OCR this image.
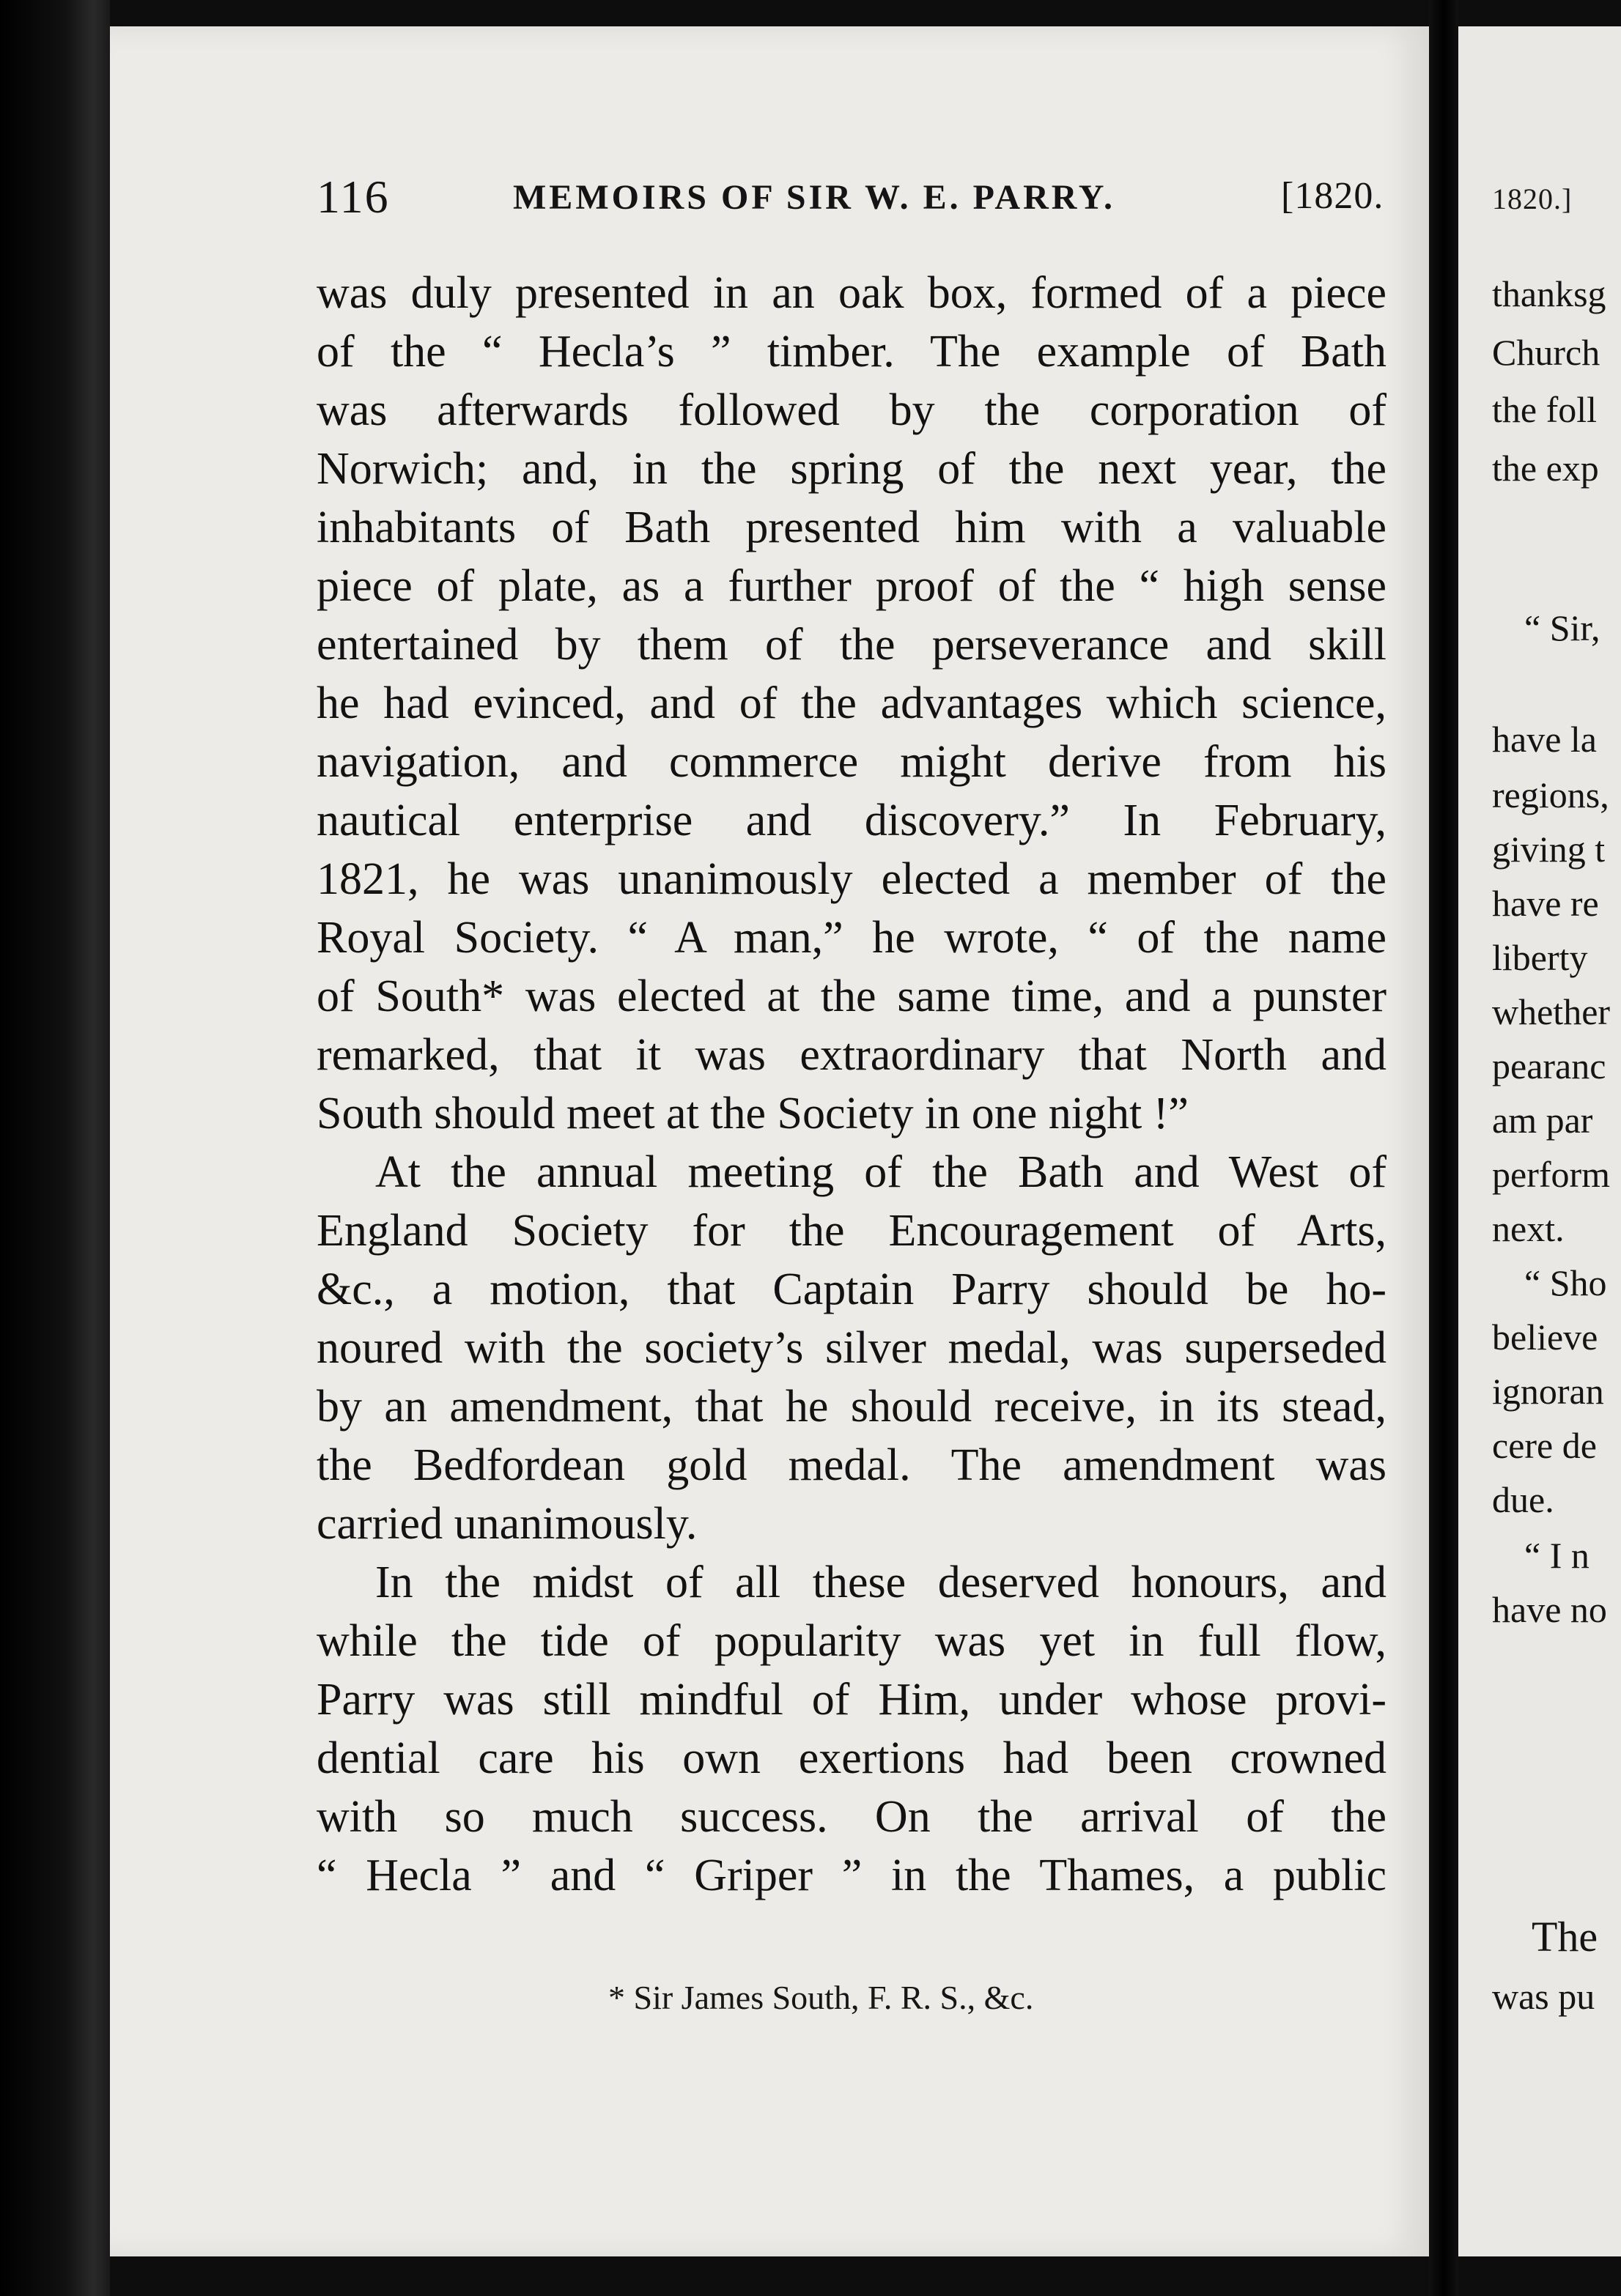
116	MEMOIRS OF SIR W. E. PARRY.	[1820.
was duly presented in an oak box, formed of a piece
of the “ Hecla’s ” timber. The example of Bath
was afterwards followed by the corporation of
Norwich; and, in the spring of the next year, the
inhabitants of Bath presented him with a valuable
piece of plate, as a further proof of the “ high sense
entertained by them of the perseverance and skill
he had evinced, and of the advantages which science,
navigation, and commerce might derive from his
nautical enterprise and discovery.” In February,
1821, he was unanimously elected a member of the
Royal Society. “ A man,” he wrote, “ of the name
of South* was elected at the same time, and a punster
remarked, that it was extraordinary that North and
South should meet at the Society in one night !”
At the annual meeting of the Bath and West of
England Society for the Encouragement of Arts,
&c., a motion, that Captain Parry should be ho-
noured with the society’s silver medal, was superseded
by an amendment, that he should receive, in its stead,
the Bedfordean gold medal. The amendment was
carried unanimously.
In the midst of all these deserved honours, and
while the tide of popularity was yet in full flow,
Parry was still mindful of Him, under whose provi-
dential care his own exertions had been crowned
with so much success. On the arrival of the
“ Hecla ” and “ Griper ” in the Thames, a public
* Sir James South, F. R. S., &c.
1820.]
thanksg
Church
the foll
the exp
“ Sir,
have la
regions,
giving t
have re
liberty
whether
pearanc
am par
perform
next.
“ Sho
believe
ignoran
cere de
due.
“ I n
have no
The
was pu
